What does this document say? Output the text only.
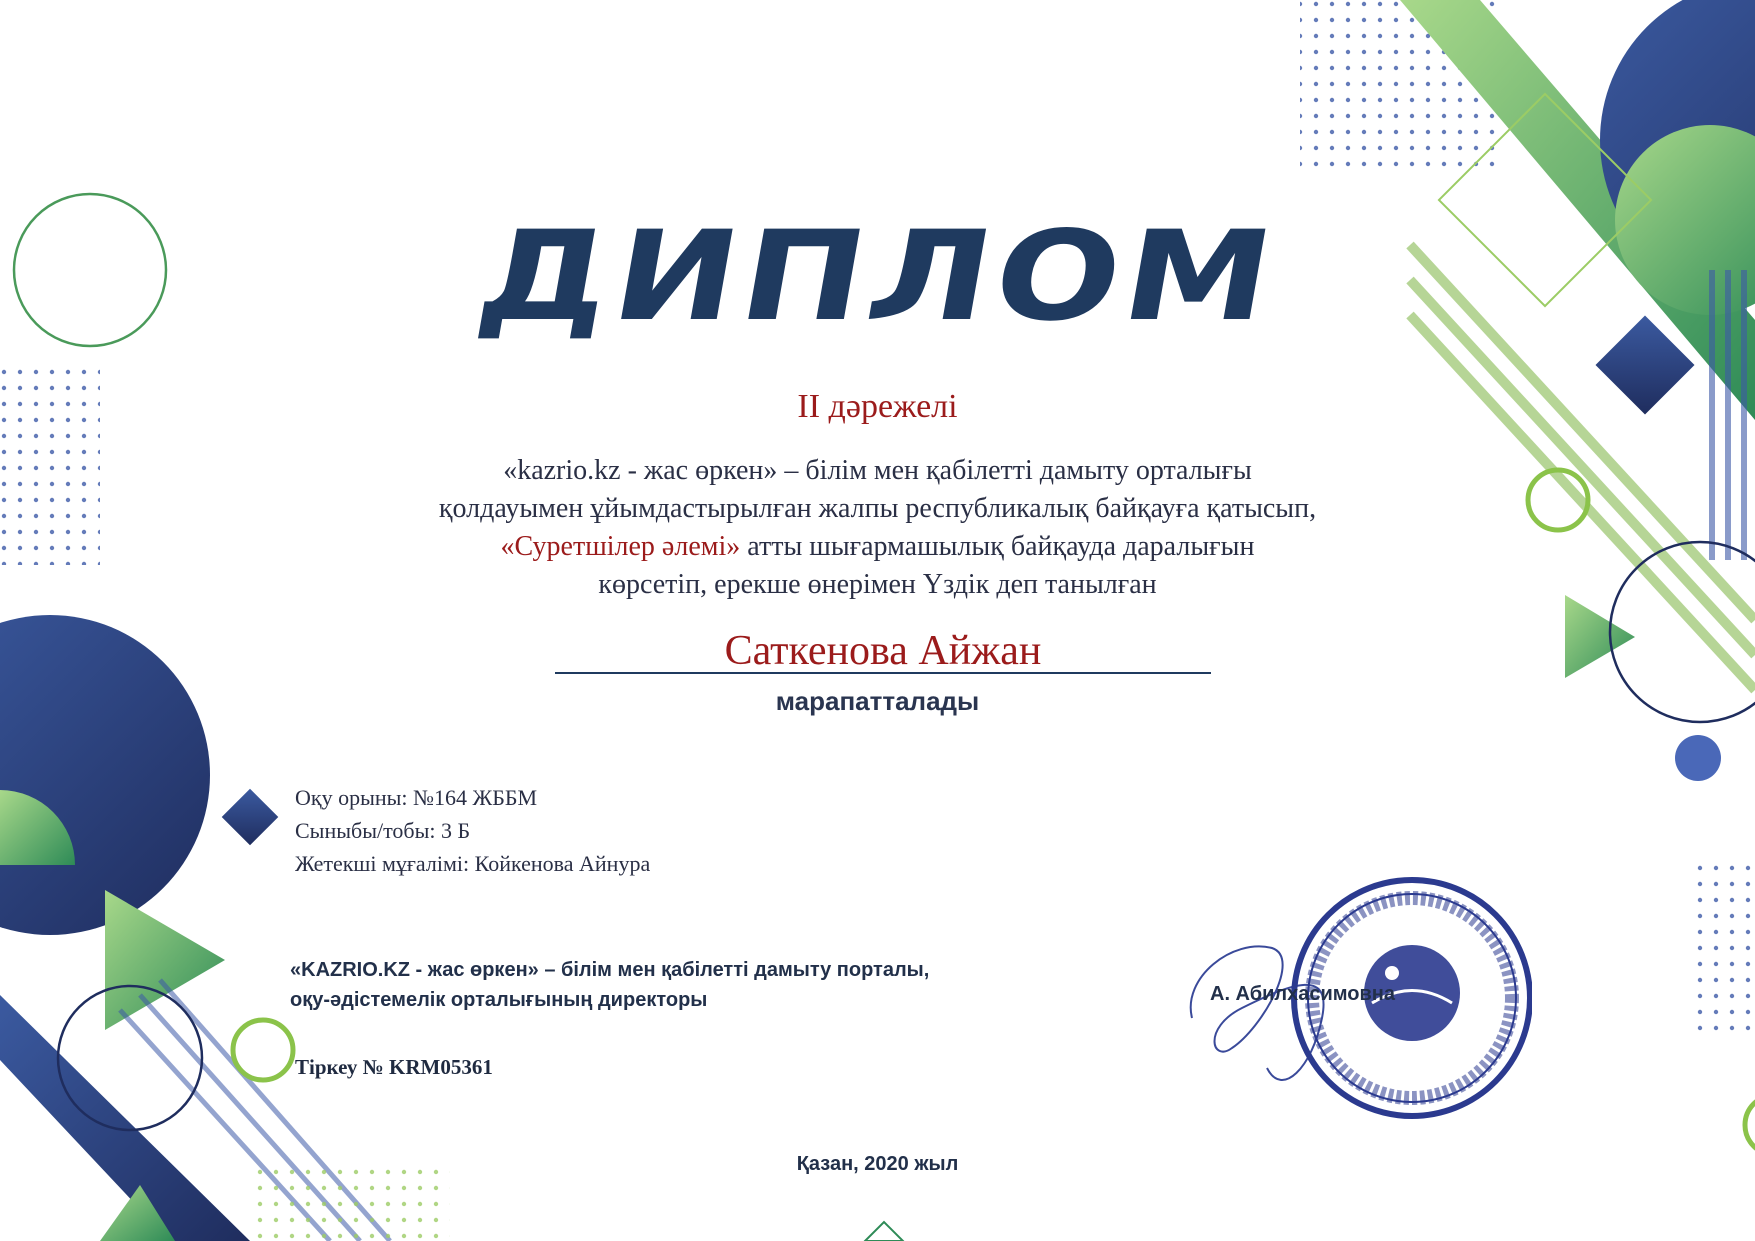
ДИПЛОМ
II дәрежелі
«kazrio.kz - жас өркен» – білім мен қабілетті дамыту орталығы
қолдауымен ұйымдастырылған жалпы республикалық байқауға қатысып,
«Суретшілер әлемі» атты шығармашылық байқауда даралығын
көрсетіп, ерекше өнерімен Үздік деп танылған
Саткенова Айжан
марапатталады
Оқу орыны: №164 ЖББМ
Сыныбы/тобы: 3 Б
Жетекші мұғалімі: Койкенова Айнура
«KAZRIO.KZ - жас өркен» – білім мен қабілетті дамыту порталы,
оқу-әдістемелік орталығының директоры
Тіркеу № KRM05361
А. Абилхасимовна
Қазан, 2020 жыл
